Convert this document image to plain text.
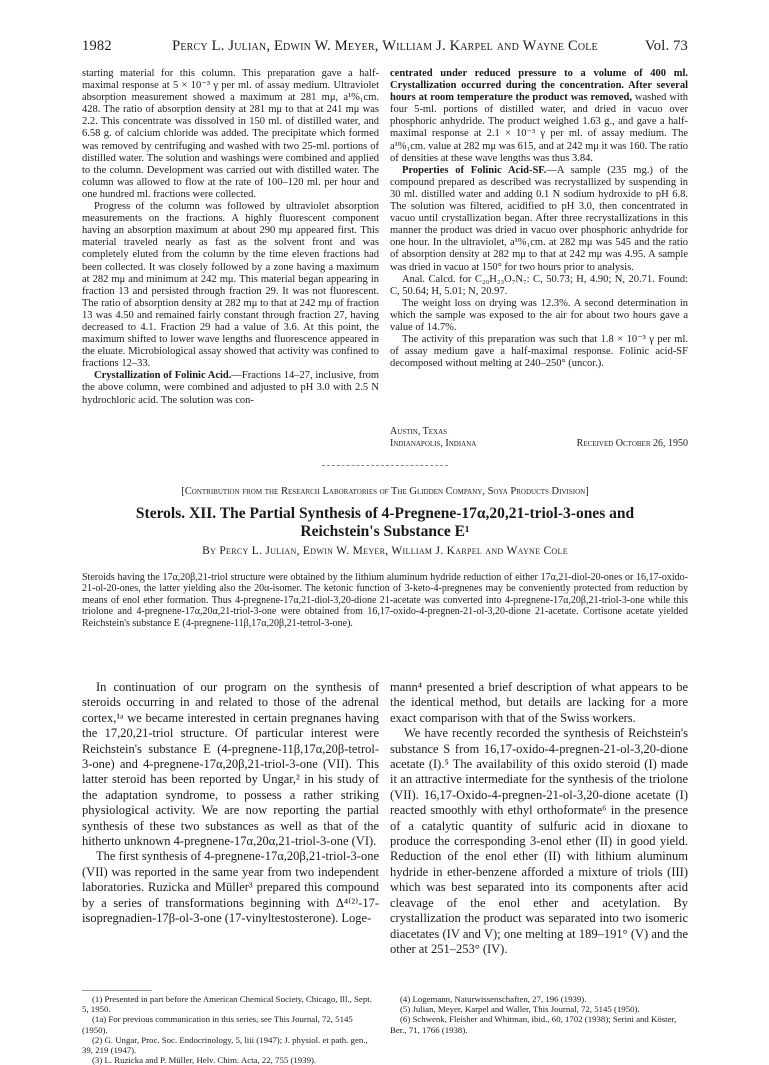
1982	Percy L. Julian, Edwin W. Meyer, William J. Karpel and Wayne Cole	Vol. 73

starting material for this column. This preparation gave a half-maximal response at 5 × 10⁻³ γ per ml. of assay medium. Ultraviolet absorption measurement showed a maximum at 281 mμ, a¹%₁cm. 428. The ratio of absorption density at 281 mμ to that at 241 mμ was 2.2. This concentrate was dissolved in 150 ml. of distilled water, and 6.58 g. of calcium chloride was added. The precipitate which formed was removed by centrifuging and washed with two 25-ml. portions of distilled water. The solution and washings were combined and applied to the column. Development was carried out with distilled water. The column was allowed to flow at the rate of 100–120 ml. per hour and one hundred ml. fractions were collected.

Progress of the column was followed by ultraviolet absorption measurements on the fractions. A highly fluorescent component having an absorption maximum at about 290 mμ appeared first. This material traveled nearly as fast as the solvent front and was completely eluted from the column by the time eleven fractions had been collected. It was closely followed by a zone having a maximum at 282 mμ and minimum at 242 mμ. This material began appearing in fraction 13 and persisted through fraction 29. It was not fluorescent. The ratio of absorption density at 282 mμ to that at 242 mμ of fraction 13 was 4.50 and remained fairly constant through fraction 27, having decreased to 4.1. Fraction 29 had a value of 3.6. At this point, the maximum shifted to lower wave lengths and fluorescence appeared in the eluate. Microbiological assay showed that activity was confined to fractions 12–33.

Crystallization of Folinic Acid.—Fractions 14–27, inclusive, from the above column, were combined and adjusted to pH 3.0 with 2.5 N hydrochloric acid. The solution was con-

centrated under reduced pressure to a volume of 400 ml. Crystallization occurred during the concentration. After several hours at room temperature the product was removed, washed with four 5-ml. portions of distilled water, and dried in vacuo over phosphoric anhydride. The product weighed 1.63 g., and gave a half-maximal response at 2.1 × 10⁻³ γ per ml. of assay medium. The a¹%₁cm. value at 282 mμ was 615, and at 242 mμ it was 160. The ratio of densities at these wave lengths was thus 3.84.

Properties of Folinic Acid-SF.—A sample (235 mg.) of the compound prepared as described was recrystallized by suspending in 30 ml. distilled water and adding 0.1 N sodium hydroxide to pH 6.8. The solution was filtered, acidified to pH 3.0, then concentrated in vacuo until crystallization began. After three recrystallizations in this manner the product was dried in vacuo over phosphoric anhydride for one hour. In the ultraviolet, a¹%₁cm. at 282 mμ was 545 and the ratio of absorption density at 282 mμ to that at 242 mμ was 4.95. A sample was dried in vacuo at 150° for two hours prior to analysis.

Anal. Calcd. for C₂₀H₂₃O₇N₇: C, 50.73; H, 4.90; N, 20.71. Found: C, 50.64; H, 5.01; N, 20.97.

The weight loss on drying was 12.3%. A second determination in which the sample was exposed to the air for about two hours gave a value of 14.7%.

The activity of this preparation was such that 1.8 × 10⁻³ γ per ml. of assay medium gave a half-maximal response. Folinic acid-SF decomposed without melting at 240–250° (uncor.).

Austin, Texas
Indianapolis, Indiana	Received October 26, 1950
[Contribution from the Research Laboratories of The Glidden Company, Soya Products Division]
Sterols. XII. The Partial Synthesis of 4-Pregnene-17α,20,21-triol-3-ones and
Reichstein's Substance E¹
By Percy L. Julian, Edwin W. Meyer, William J. Karpel and Wayne Cole
Steroids having the 17α,20β,21-triol structure were obtained by the lithium aluminum hydride reduction of either 17α,21-diol-20-ones or 16,17-oxido-21-ol-20-ones, the latter yielding also the 20α-isomer. The ketonic function of 3-keto-4-pregnenes may be conveniently protected from reduction by means of enol ether formation. Thus 4-pregnene-17α,21-diol-3,20-dione 21-acetate was converted into 4-pregnene-17α,20β,21-triol-3-one while this triolone and 4-pregnene-17α,20α,21-triol-3-one were obtained from 16,17-oxido-4-pregnen-21-ol-3,20-dione 21-acetate. Cortisone acetate yielded Reichstein's substance E (4-pregnene-11β,17α,20β,21-tetrol-3-one).

In continuation of our program on the synthesis of steroids occurring in and related to those of the adrenal cortex,¹ᵃ we became interested in certain pregnanes having the 17,20,21-triol structure. Of particular interest were Reichstein's substance E (4-pregnene-11β,17α,20β-tetrol-3-one) and 4-pregnene-17α,20β,21-triol-3-one (VII). This latter steroid has been reported by Ungar,² in his study of the adaptation syndrome, to possess a rather striking physiological activity. We are now reporting the partial synthesis of these two substances as well as that of the hitherto unknown 4-pregnene-17α,20α,21-triol-3-one (VI).

The first synthesis of 4-pregnene-17α,20β,21-triol-3-one (VII) was reported in the same year from two independent laboratories. Ruzicka and Müller³ prepared this compound by a series of transformations beginning with Δ⁴⁽²⁾-17-isopregnadien-17β-ol-3-one (17-vinyltestosterone). Loge-

mann⁴ presented a brief description of what appears to be the identical method, but details are lacking for a more exact comparison with that of the Swiss workers.

We have recently recorded the synthesis of Reichstein's substance S from 16,17-oxido-4-pregnen-21-ol-3,20-dione acetate (I).⁵ The availability of this oxido steroid (I) made it an attractive intermediate for the synthesis of the triolone (VII). 16,17-Oxido-4-pregnen-21-ol-3,20-dione acetate (I) reacted smoothly with ethyl orthoformate⁶ in the presence of a catalytic quantity of sulfuric acid in dioxane to produce the corresponding 3-enol ether (II) in good yield. Reduction of the enol ether (II) with lithium aluminum hydride in ether-benzene afforded a mixture of triols (III) which was best separated into its components after acid cleavage of the enol ether and acetylation. By crystallization the product was separated into two isomeric diacetates (IV and V); one melting at 189–191° (V) and the other at 251–253° (IV).

(1) Presented in part before the American Chemical Society, Chicago, Ill., Sept. 5, 1950.

(1a) For previous communication in this series, see This Journal, 72, 5145 (1950).

(2) G. Ungar, Proc. Soc. Endocrinology, 5, liii (1947); J. physiol. et path. gen., 39, 219 (1947).

(3) L. Ruzicka and P. Müller, Helv. Chim. Acta, 22, 755 (1939).

(4) Logemann, Naturwissenschaften, 27, 196 (1939).

(5) Julian, Meyer, Karpel and Waller, This Journal, 72, 5145 (1950).

(6) Schwenk, Fleisher and Whitman, ibid., 60, 1702 (1938); Serini and Köster, Ber., 71, 1766 (1938).
